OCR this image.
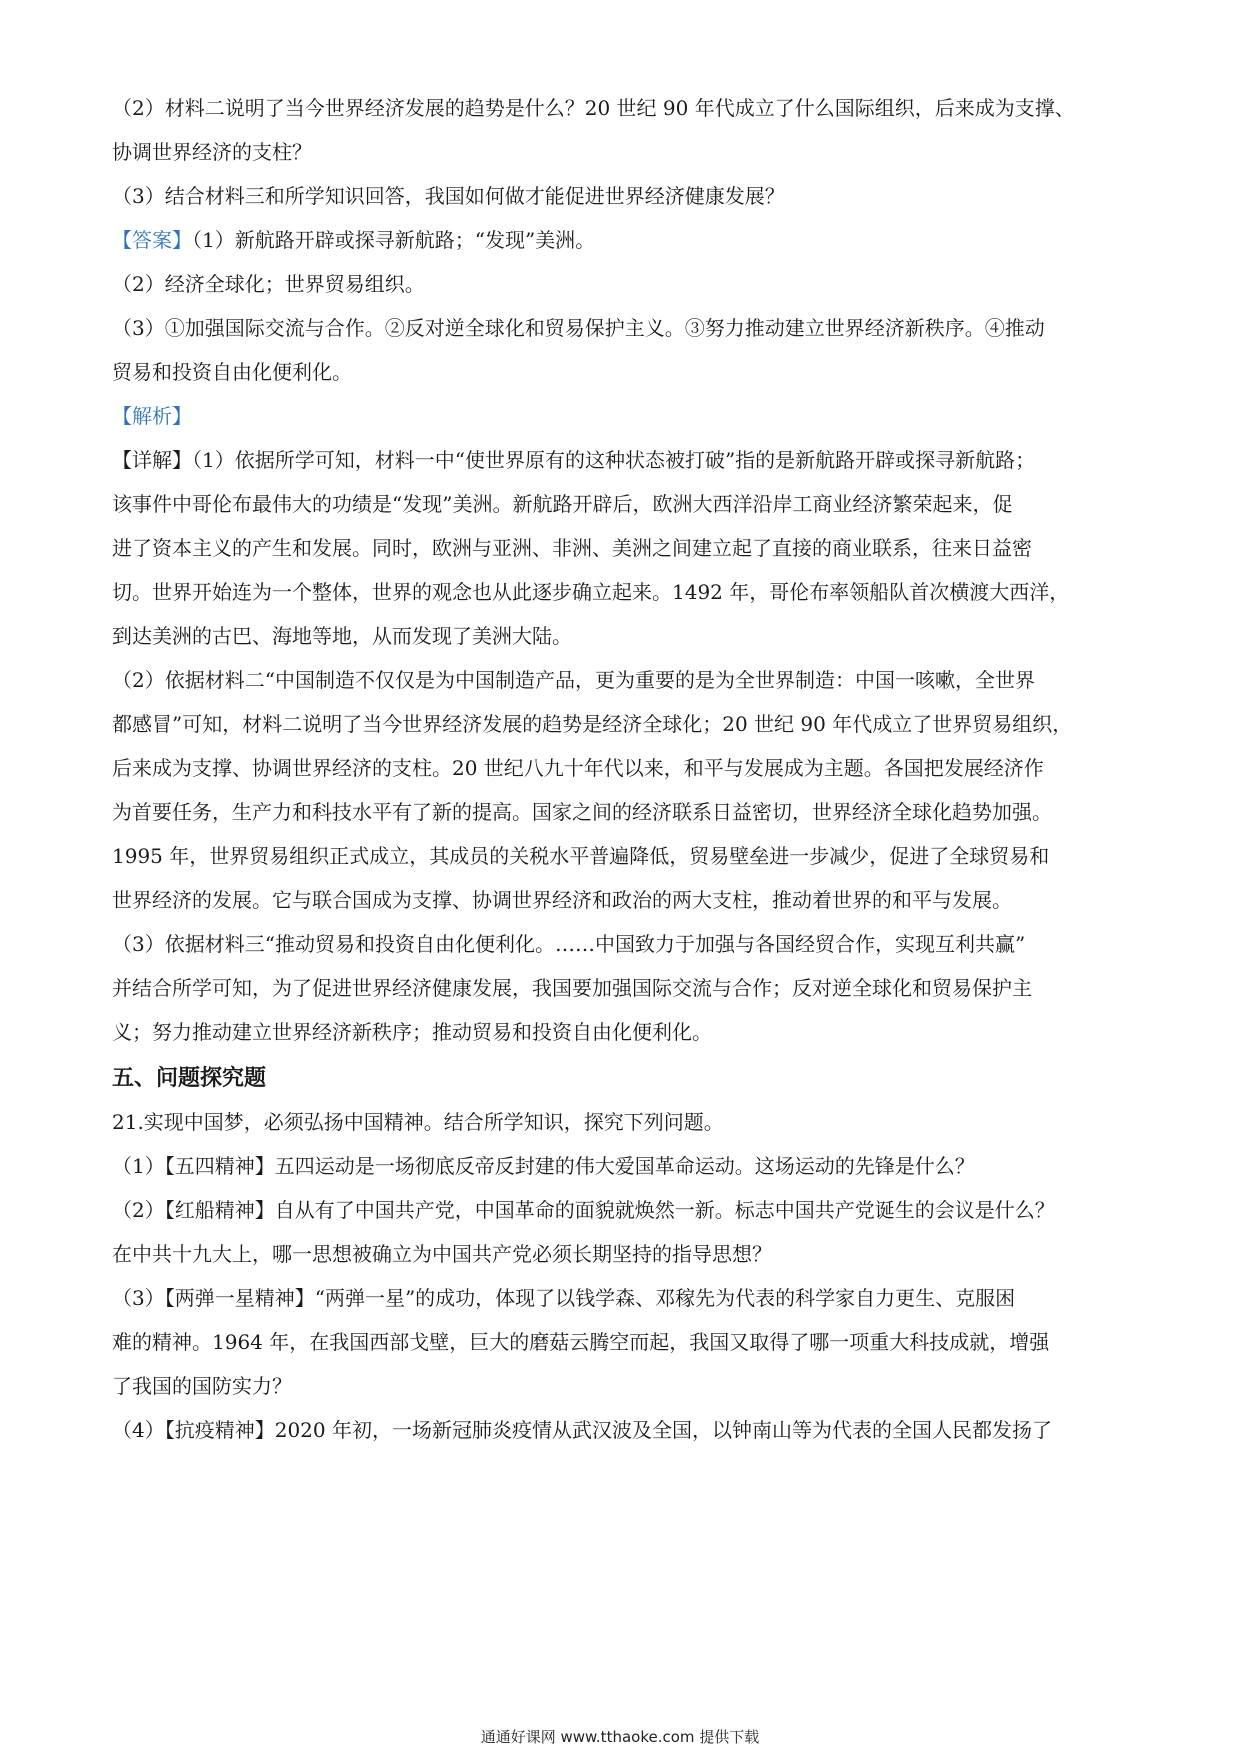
（2）材料二说明了当今世界经济发展的趋势是什么？20 世纪 90 年代成立了什么国际组织，后来成为支撑、
协调世界经济的支柱？
（3）结合材料三和所学知识回答，我国如何做才能促进世界经济健康发展？
【答案】（1）新航路开辟或探寻新航路；“发现”美洲。
（2）经济全球化；世界贸易组织。
（3）①加强国际交流与合作。②反对逆全球化和贸易保护主义。③努力推动建立世界经济新秩序。④推动
贸易和投资自由化便利化。
【解析】
【详解】（1）依据所学可知，材料一中“使世界原有的这种状态被打破”指的是新航路开辟或探寻新航路；
该事件中哥伦布最伟大的功绩是“发现”美洲。新航路开辟后，欧洲大西洋沿岸工商业经济繁荣起来，促
进了资本主义的产生和发展。同时，欧洲与亚洲、非洲、美洲之间建立起了直接的商业联系，往来日益密
切。世界开始连为一个整体，世界的观念也从此逐步确立起来。1492 年，哥伦布率领船队首次横渡大西洋，
到达美洲的古巴、海地等地，从而发现了美洲大陆。
（2）依据材料二“中国制造不仅仅是为中国制造产品，更为重要的是为全世界制造：中国一咳嗽，全世界
都感冒”可知，材料二说明了当今世界经济发展的趋势是经济全球化；20 世纪 90 年代成立了世界贸易组织，
后来成为支撑、协调世界经济的支柱。20 世纪八九十年代以来，和平与发展成为主题。各国把发展经济作
为首要任务，生产力和科技水平有了新的提高。国家之间的经济联系日益密切，世界经济全球化趋势加强。
1995 年，世界贸易组织正式成立，其成员的关税水平普遍降低，贸易壁垒进一步减少，促进了全球贸易和
世界经济的发展。它与联合国成为支撑、协调世界经济和政治的两大支柱，推动着世界的和平与发展。
（3）依据材料三“推动贸易和投资自由化便利化。……中国致力于加强与各国经贸合作，实现互利共赢”
并结合所学可知，为了促进世界经济健康发展，我国要加强国际交流与合作；反对逆全球化和贸易保护主
义；努力推动建立世界经济新秩序；推动贸易和投资自由化便利化。
五、问题探究题
21.实现中国梦，必须弘扬中国精神。结合所学知识，探究下列问题。
（1）【五四精神】五四运动是一场彻底反帝反封建的伟大爱国革命运动。这场运动的先锋是什么？
（2）【红船精神】自从有了中国共产党，中国革命的面貌就焕然一新。标志中国共产党诞生的会议是什么？
在中共十九大上，哪一思想被确立为中国共产党必须长期坚持的指导思想？
（3）【两弹一星精神】“两弹一星”的成功，体现了以钱学森、邓稼先为代表的科学家自力更生、克服困
难的精神。1964 年，在我国西部戈壁，巨大的磨菇云腾空而起，我国又取得了哪一项重大科技成就，增强
了我国的国防实力？
（4）【抗疫精神】2020 年初，一场新冠肺炎疫情从武汉波及全国，以钟南山等为代表的全国人民都发扬了
通通好课网 www.tthaoke.com 提供下载
